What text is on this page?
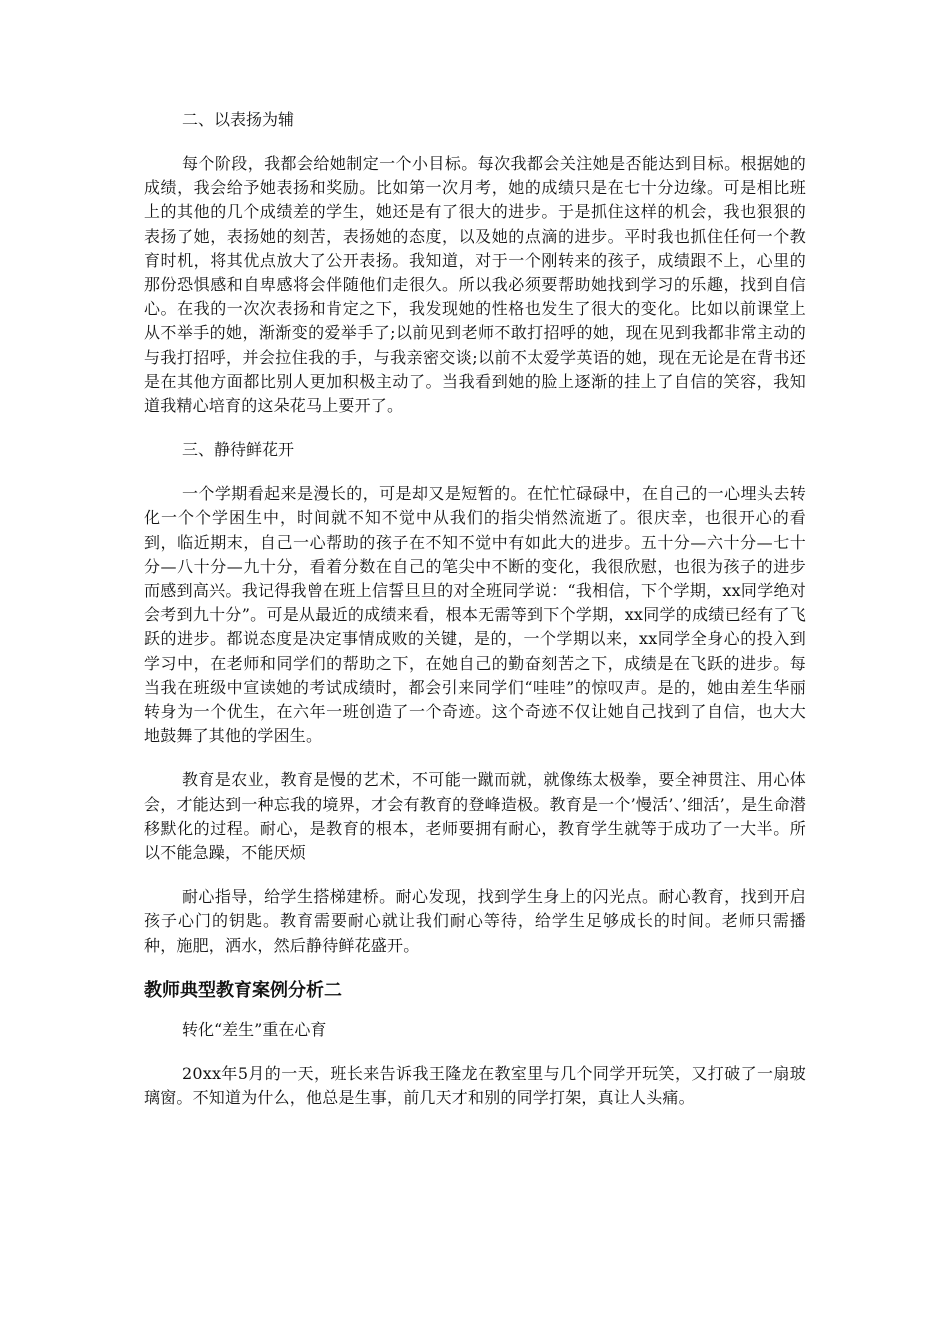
二、以表扬为辅

每个阶段，我都会给她制定一个小目标。每次我都会关注她是否能达到目标。根据她的成绩，我会给予她表扬和奖励。比如第一次月考，她的成绩只是在七十分边缘。可是相比班上的其他的几个成绩差的学生，她还是有了很大的进步。于是抓住这样的机会，我也狠狠的表扬了她，表扬她的刻苦，表扬她的态度，以及她的点滴的进步。平时我也抓住任何一个教育时机，将其优点放大了公开表扬。我知道，对于一个刚转来的孩子，成绩跟不上，心里的那份恐惧感和自卑感将会伴随他们走很久。所以我必须要帮助她找到学习的乐趣，找到自信心。在我的一次次表扬和肯定之下，我发现她的性格也发生了很大的变化。比如以前课堂上从不举手的她，渐渐变的爱举手了;以前见到老师不敢打招呼的她，现在见到我都非常主动的与我打招呼，并会拉住我的手，与我亲密交谈;以前不太爱学英语的她，现在无论是在背书还是在其他方面都比别人更加积极主动了。当我看到她的脸上逐渐的挂上了自信的笑容，我知道我精心培育的这朵花马上要开了。

三、静待鲜花开

一个学期看起来是漫长的，可是却又是短暂的。在忙忙碌碌中，在自己的一心埋头去转化一个个学困生中，时间就不知不觉中从我们的指尖悄然流逝了。很庆幸，也很开心的看到，临近期末，自己一心帮助的孩子在不知不觉中有如此大的进步。五十分—六十分—七十分—八十分—九十分，看着分数在自己的笔尖中不断的变化，我很欣慰，也很为孩子的进步而感到高兴。我记得我曾在班上信誓旦旦的对全班同学说：“我相信，下个学期，xx同学绝对会考到九十分”。可是从最近的成绩来看，根本无需等到下个学期，xx同学的成绩已经有了飞跃的进步。都说态度是决定事情成败的关键，是的，一个学期以来，xx同学全身心的投入到学习中，在老师和同学们的帮助之下，在她自己的勤奋刻苦之下，成绩是在飞跃的进步。每当我在班级中宣读她的考试成绩时，都会引来同学们“哇哇”的惊叹声。是的，她由差生华丽转身为一个优生，在六年一班创造了一个奇迹。这个奇迹不仅让她自己找到了自信，也大大地鼓舞了其他的学困生。

教育是农业，教育是慢的艺术，不可能一蹴而就，就像练太极拳，要全神贯注、用心体会，才能达到一种忘我的境界，才会有教育的登峰造极。教育是一个’慢活’、’细活’，是生命潜移默化的过程。耐心，是教育的根本，老师要拥有耐心，教育学生就等于成功了一大半。所以不能急躁，不能厌烦

耐心指导，给学生搭梯建桥。耐心发现，找到学生身上的闪光点。耐心教育，找到开启孩子心门的钥匙。教育需要耐心就让我们耐心等待，给学生足够成长的时间。老师只需播种，施肥，洒水，然后静待鲜花盛开。

教师典型教育案例分析二

转化“差生”重在心育

20xx年5月的一天，班长来告诉我王隆龙在教室里与几个同学开玩笑，又打破了一扇玻璃窗。不知道为什么，他总是生事，前几天才和别的同学打架，真让人头痛。
